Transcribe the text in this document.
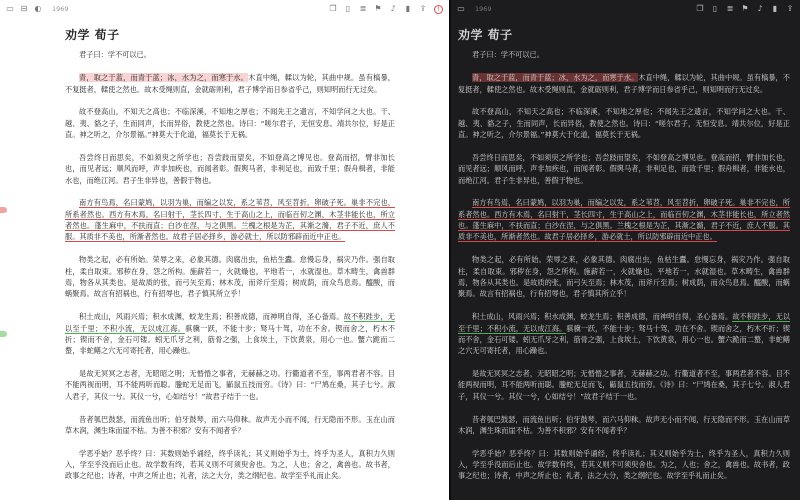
▭ ⊟ ◐ 1969	❐ ▯ ≣ ⚑ ♪ ▮ ⇪	!
劝学 荀子
君子曰：学不可以已。
青，取之于蓝，而青于蓝；冰，水为之，而寒于水。木直中绳，輮以为轮，其曲中规。虽有槁暴，不复挺者，輮使之然也。故木受绳则直，金就砺则利，君子博学而日参省乎己，则知明而行无过矣。
故不登高山，不知天之高也；不临深溪，不知地之厚也；不闻先王之遗言，不知学问之大也。干、越、夷、貉之子，生而同声，长而异俗，教使之然也。诗曰：“嗟尔君子，无恒安息。靖共尔位，好是正直。神之听之，介尔景福。”神莫大于化道，福莫长于无祸。
吾尝终日而思矣，不如须臾之所学也；吾尝跂而望矣，不如登高之博见也。登高而招，臂非加长也，而见者远；顺风而呼，声非加疾也，而闻者彰。假舆马者，非利足也，而致千里；假舟楫者，非能水也，而绝江河。君子生非异也，善假于物也。
南方有鸟焉，名曰蒙鸠，以羽为巢，而编之以发，系之苇苕，风至苕折，卵破子死。巢非不完也，所系者然也。西方有木焉，名曰射干，茎长四寸，生于高山之上，而临百仞之渊，木茎非能长也，所立者然也。蓬生麻中，不扶而直；白沙在涅，与之俱黑。兰槐之根是为芷，其渐之滫，君子不近，庶人不服。其质非不美也，所渐者然也。故君子居必择乡，游必就士，所以防邪辟而近中正也。
物类之起，必有所始。荣辱之来，必象其德。肉腐出虫，鱼枯生蠹。怠慢忘身，祸灾乃作。强自取柱，柔自取束。邪秽在身，怨之所构。施薪若一，火就燥也，平地若一，水就湿也。草木畴生，禽兽群焉，物各从其类也。是故质的张，而弓矢至焉；林木茂，而斧斤至焉；树成荫，而众鸟息焉。醯酸，而蜹聚焉。故言有招祸也，行有招辱也，君子慎其所立乎！
积土成山，风雨兴焉；积水成渊，蛟龙生焉；积善成德，而神明自得，圣心备焉。故不积跬步，无以至千里；不积小流，无以成江海。骐骥一跃，不能十步；驽马十驾，功在不舍。锲而舍之，朽木不折；锲而不舍，金石可镂。蚓无爪牙之利，筋骨之强，上食埃土，下饮黄泉，用心一也。蟹六跪而二螯，非蛇鳝之穴无可寄托者，用心躁也。
是故无冥冥之志者，无昭昭之明；无惛惛之事者，无赫赫之功。行衢道者不至，事两君者不容。目不能两视而明，耳不能两听而聪。螣蛇无足而飞，鼫鼠五技而穷。《诗》曰：“尸鸠在桑，其子七兮。淑人君子，其仪一兮。其仪一兮，心如结兮！”故君子结于一也。
昔者瓠巴鼓瑟，而流鱼出听；伯牙鼓琴，而六马仰秣。故声无小而不闻，行无隐而不形。玉在山而草木润，渊生珠而崖不枯。为善不积邪？安有不闻者乎？
学恶乎始？恶乎终？曰：其数则始乎诵经，终乎读礼；其义则始乎为士，终乎为圣人，真积力久则入，学至乎没而后止也。故学数有终，若其义则不可须臾舍也。为之，人也；舍之，禽兽也。故书者，政事之纪也；诗者，中声之所止也；礼者，法之大分，类之纲纪也。故学至乎礼而止矣。
▭ 1969	❐ ▯ ≣ ⚑ ♪ ▮ ⇪
劝学 荀子
君子曰：学不可以已。
青，取之于蓝，而青于蓝；冰，水为之，而寒于水。木直中绳，輮以为轮，其曲中规。虽有槁暴，不复挺者，輮使之然也。故木受绳则直，金就砺则利，君子博学而日参省乎己，则知明而行无过矣。
故不登高山，不知天之高也；不临深溪，不知地之厚也；不闻先王之遗言，不知学问之大也。干、越、夷、貉之子，生而同声，长而异俗，教使之然也。诗曰：“嗟尔君子，无恒安息。靖共尔位，好是正直。神之听之，介尔景福。”神莫大于化道，福莫长于无祸。
吾尝终日而思矣，不如须臾之所学也；吾尝跂而望矣，不如登高之博见也。登高而招，臂非加长也，而见者远；顺风而呼，声非加疾也，而闻者彰。假舆马者，非利足也，而致千里；假舟楫者，非能水也，而绝江河。君子生非异也，善假于物也。
南方有鸟焉，名曰蒙鸠，以羽为巢，而编之以发，系之苇苕，风至苕折，卵破子死。巢非不完也，所系者然也。西方有木焉，名曰射干，茎长四寸，生于高山之上，而临百仞之渊，木茎非能长也，所立者然也。蓬生麻中，不扶而直；白沙在涅，与之俱黑。兰槐之根是为芷，其渐之滫，君子不近，庶人不服。其质非不美也，所渐者然也。故君子居必择乡，游必就士，所以防邪辟而近中正也。
物类之起，必有所始。荣辱之来，必象其德。肉腐出虫，鱼枯生蠹。怠慢忘身，祸灾乃作。强自取柱，柔自取束。邪秽在身，怨之所构。施薪若一，火就燥也，平地若一，水就湿也。草木畴生，禽兽群焉，物各从其类也。是故质的张，而弓矢至焉；林木茂，而斧斤至焉；树成荫，而众鸟息焉。醯酸，而蜹聚焉。故言有招祸也，行有招辱也，君子慎其所立乎！
积土成山，风雨兴焉；积水成渊，蛟龙生焉；积善成德，而神明自得，圣心备焉。故不积跬步，无以至千里；不积小流，无以成江海。骐骥一跃，不能十步；驽马十驾，功在不舍。锲而舍之，朽木不折；锲而不舍，金石可镂。蚓无爪牙之利，筋骨之强，上食埃土，下饮黄泉，用心一也。蟹六跪而二螯，非蛇鳝之穴无可寄托者，用心躁也。
是故无冥冥之志者，无昭昭之明；无惛惛之事者，无赫赫之功。行衢道者不至，事两君者不容。目不能两视而明，耳不能两听而聪。螣蛇无足而飞，鼫鼠五技而穷。《诗》曰：“尸鸠在桑，其子七兮。淑人君子，其仪一兮。其仪一兮，心如结兮！”故君子结于一也。
昔者瓠巴鼓瑟，而流鱼出听；伯牙鼓琴，而六马仰秣。故声无小而不闻，行无隐而不形。玉在山而草木润，渊生珠而崖不枯。为善不积邪？安有不闻者乎？
学恶乎始？恶乎终？曰：其数则始乎诵经，终乎读礼；其义则始乎为士，终乎为圣人，真积力久则入，学至乎没而后止也。故学数有终，若其义则不可须臾舍也。为之，人也；舍之，禽兽也。故书者，政事之纪也；诗者，中声之所止也；礼者，法之大分，类之纲纪也。故学至乎礼而止矣。
